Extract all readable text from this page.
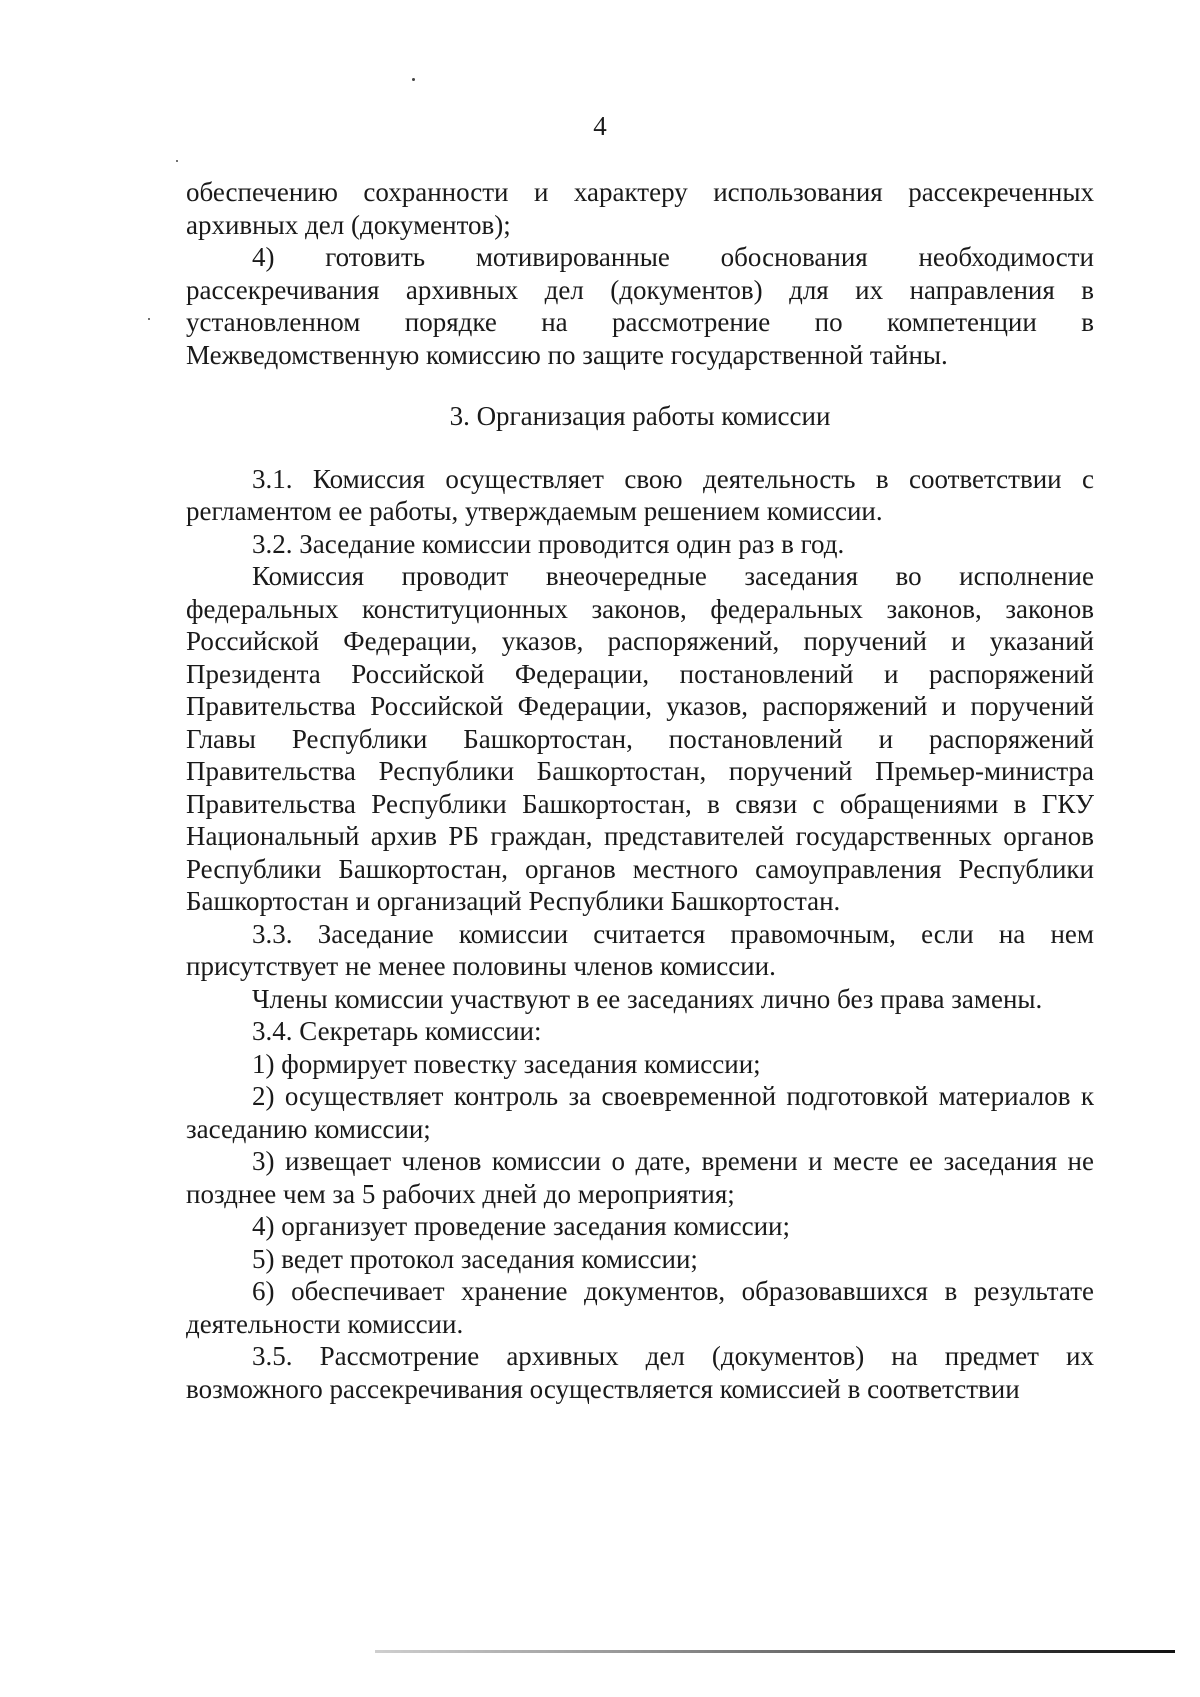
4

обеспечению сохранности и характеру использования рассекреченных архивных дел (документов);

4) готовить мотивированные обоснования необходимости рассекречивания архивных дел (документов) для их направления в установленном порядке на рассмотрение по компетенции в Межведомственную комиссию по защите государственной тайны.

3. Организация работы комиссии

3.1. Комиссия осуществляет свою деятельность в соответствии с регламентом ее работы, утверждаемым решением комиссии.

3.2. Заседание комиссии проводится один раз в год.

Комиссия проводит внеочередные заседания во исполнение федеральных конституционных законов, федеральных законов, законов Российской Федерации, указов, распоряжений, поручений и указаний Президента Российской Федерации, постановлений и распоряжений Правительства Российской Федерации, указов, распоряжений и поручений Главы Республики Башкортостан, постановлений и распоряжений Правительства Республики Башкортостан, поручений Премьер-министра Правительства Республики Башкортостан, в связи с обращениями в ГКУ Национальный архив РБ граждан, представителей государственных органов Республики Башкортостан, органов местного самоуправления Республики Башкортостан и организаций Республики Башкортостан.

3.3. Заседание комиссии считается правомочным, если на нем присутствует не менее половины членов комиссии.

Члены комиссии участвуют в ее заседаниях лично без права замены.

3.4. Секретарь комиссии:

1) формирует повестку заседания комиссии;

2) осуществляет контроль за своевременной подготовкой материалов к заседанию комиссии;

3) извещает членов комиссии о дате, времени и месте ее заседания не позднее чем за 5 рабочих дней до мероприятия;

4) организует проведение заседания комиссии;

5) ведет протокол заседания комиссии;

6) обеспечивает хранение документов, образовавшихся в результате деятельности комиссии.

3.5. Рассмотрение архивных дел (документов) на предмет их возможного рассекречивания осуществляется комиссией в соответствии
